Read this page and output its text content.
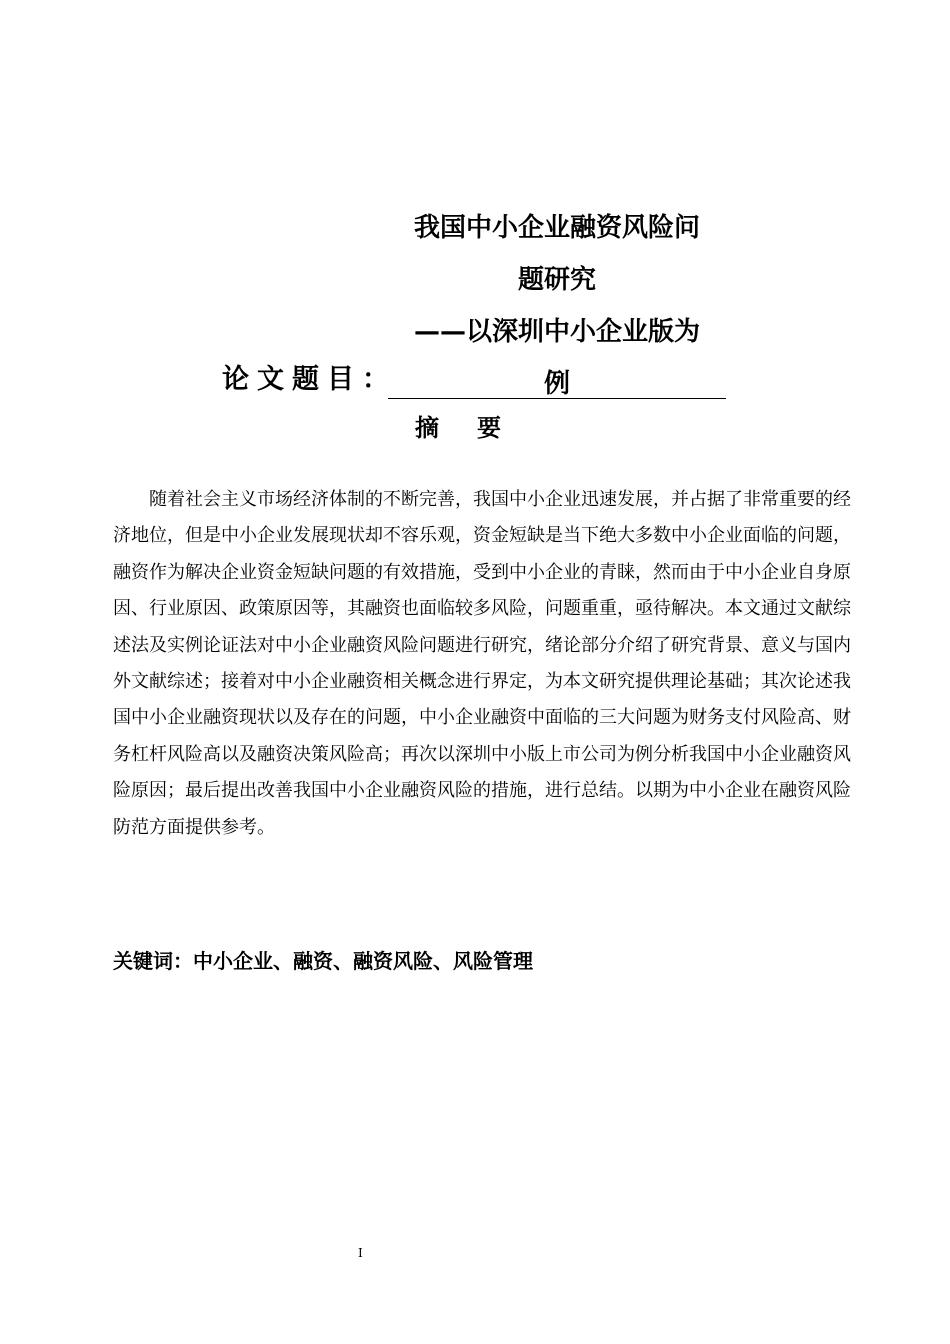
论文题目：
我国中小企业融资风险问
题研究
——以深圳中小企业版为
例
摘要

随着社会主义市场经济体制的不断完善，我国中小企业迅速发展，并占据了非常重要的经济地位，但是中小企业发展现状却不容乐观，资金短缺是当下绝大多数中小企业面临的问题，融资作为解决企业资金短缺问题的有效措施，受到中小企业的青睐，然而由于中小企业自身原因、行业原因、政策原因等，其融资也面临较多风险，问题重重，亟待解决。本文通过文献综述法及实例论证法对中小企业融资风险问题进行研究，绪论部分介绍了研究背景、意义与国内外文献综述；接着对中小企业融资相关概念进行界定，为本文研究提供理论基础；其次论述我国中小企业融资现状以及存在的问题，中小企业融资中面临的三大问题为财务支付风险高、财务杠杆风险高以及融资决策风险高；再次以深圳中小版上市公司为例分析我国中小企业融资风险原因；最后提出改善我国中小企业融资风险的措施，进行总结。以期为中小企业在融资风险防范方面提供参考。

关键词：中小企业、融资、融资风险、风险管理
I
